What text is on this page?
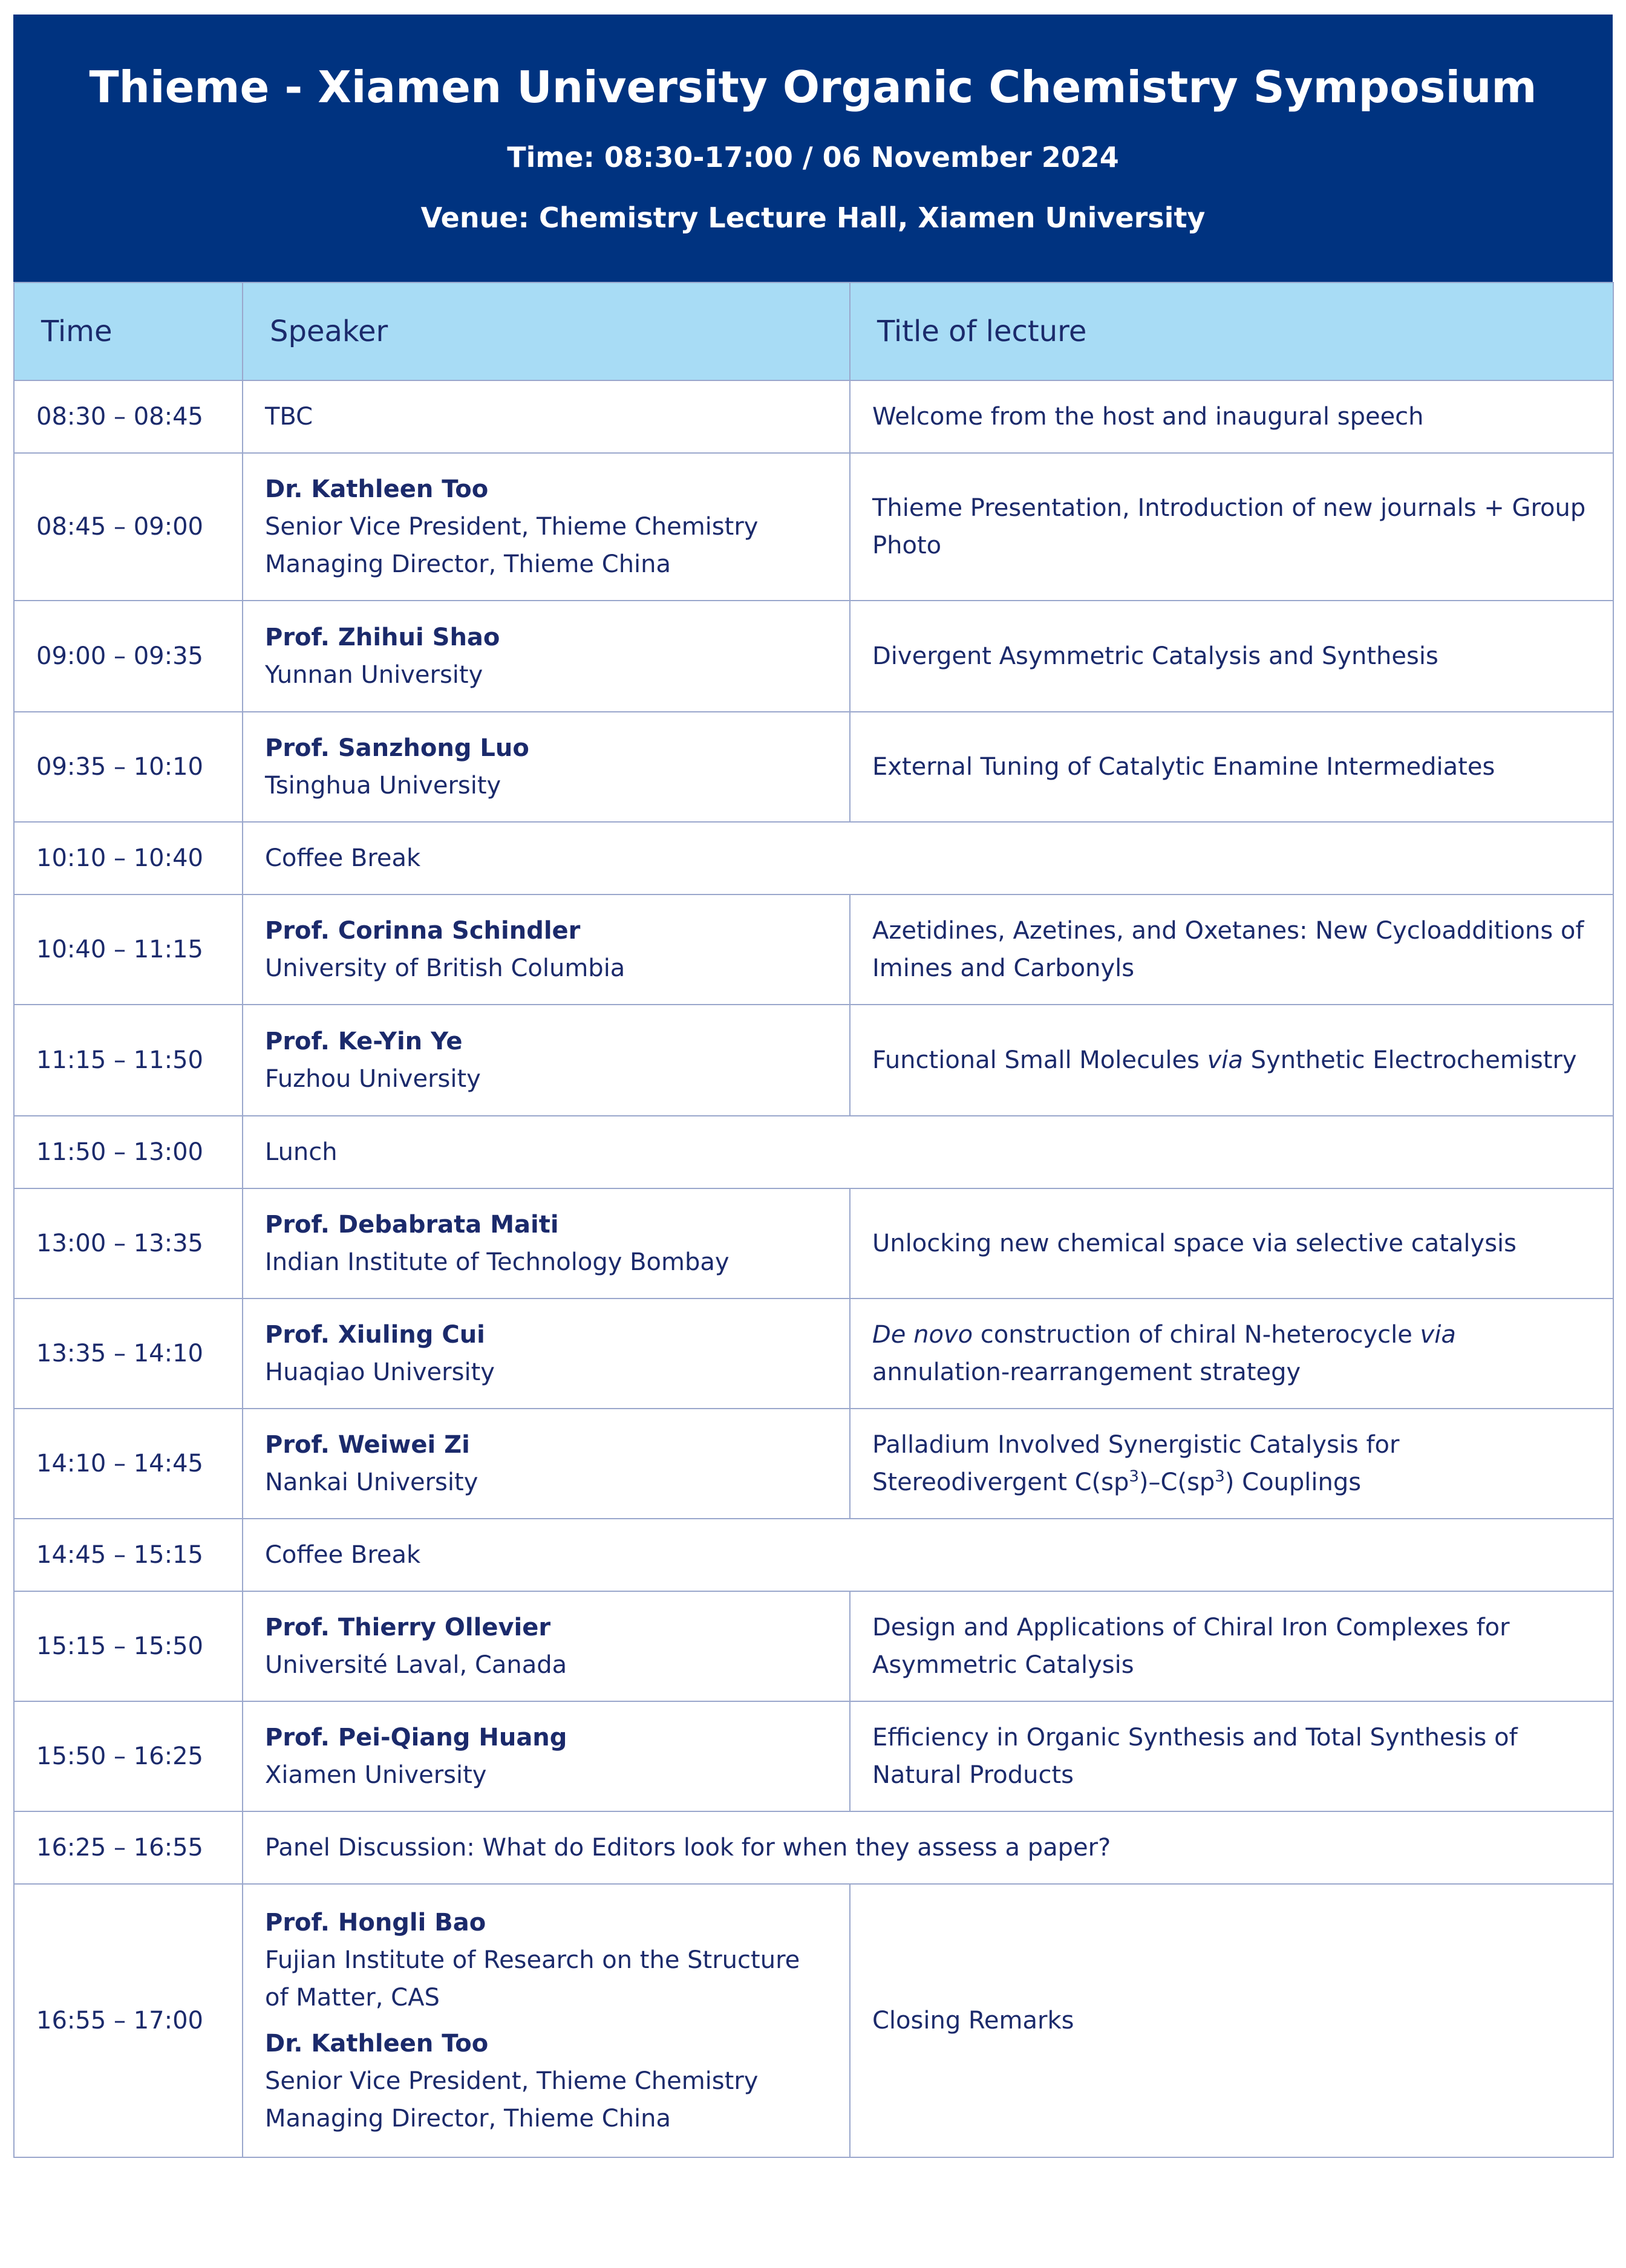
Thieme - Xiamen University Organic Chemistry Symposium
Time: 08:30-17:00 / 06 November 2024
Venue: Chemistry Lecture Hall, Xiamen University
Time	Speaker	Title of lecture
08:30 – 08:45	TBC	Welcome from the host and inaugural speech
08:45 – 09:00	Dr. Kathleen Too
Senior Vice President, Thieme Chemistry
Managing Director, Thieme China	Thieme Presentation, Introduction of new journals + Group Photo
09:00 – 09:35	Prof. Zhihui Shao
Yunnan University	Divergent Asymmetric Catalysis and Synthesis
09:35 – 10:10	Prof. Sanzhong Luo
Tsinghua University	External Tuning of Catalytic Enamine Intermediates
10:10 – 10:40	Coffee Break	
10:40 – 11:15	Prof. Corinna Schindler
University of British Columbia	Azetidines, Azetines, and Oxetanes: New Cycloadditions of Imines and Carbonyls
11:15 – 11:50	Prof. Ke-Yin Ye
Fuzhou University	Functional Small Molecules via Synthetic Electrochemistry
11:50 – 13:00	Lunch	
13:00 – 13:35	Prof. Debabrata Maiti
Indian Institute of Technology Bombay	Unlocking new chemical space via selective catalysis
13:35 – 14:10	Prof. Xiuling Cui
Huaqiao University	De novo construction of chiral N-heterocycle via annulation-rearrangement strategy
14:10 – 14:45	Prof. Weiwei Zi
Nankai University	Palladium Involved Synergistic Catalysis for Stereodivergent $C(sp^3)-C(sp^3)$ Couplings
14:45 – 15:15	Coffee Break	
15:15 – 15:50	Prof. Thierry Ollevier
Université Laval, Canada	Design and Applications of Chiral Iron Complexes for Asymmetric Catalysis
15:50 – 16:25	Prof. Pei-Qiang Huang
Xiamen University	Efficiency in Organic Synthesis and Total Synthesis of Natural Products
16:25 – 16:55	Panel Discussion: What do Editors look for when they assess a paper?	
16:55 – 17:00	Prof. Hongli Bao
Fujian Institute of Research on the Structure of Matter, CAS
Dr. Kathleen Too
Senior Vice President, Thieme Chemistry
Managing Director, Thieme China	Closing Remarks
